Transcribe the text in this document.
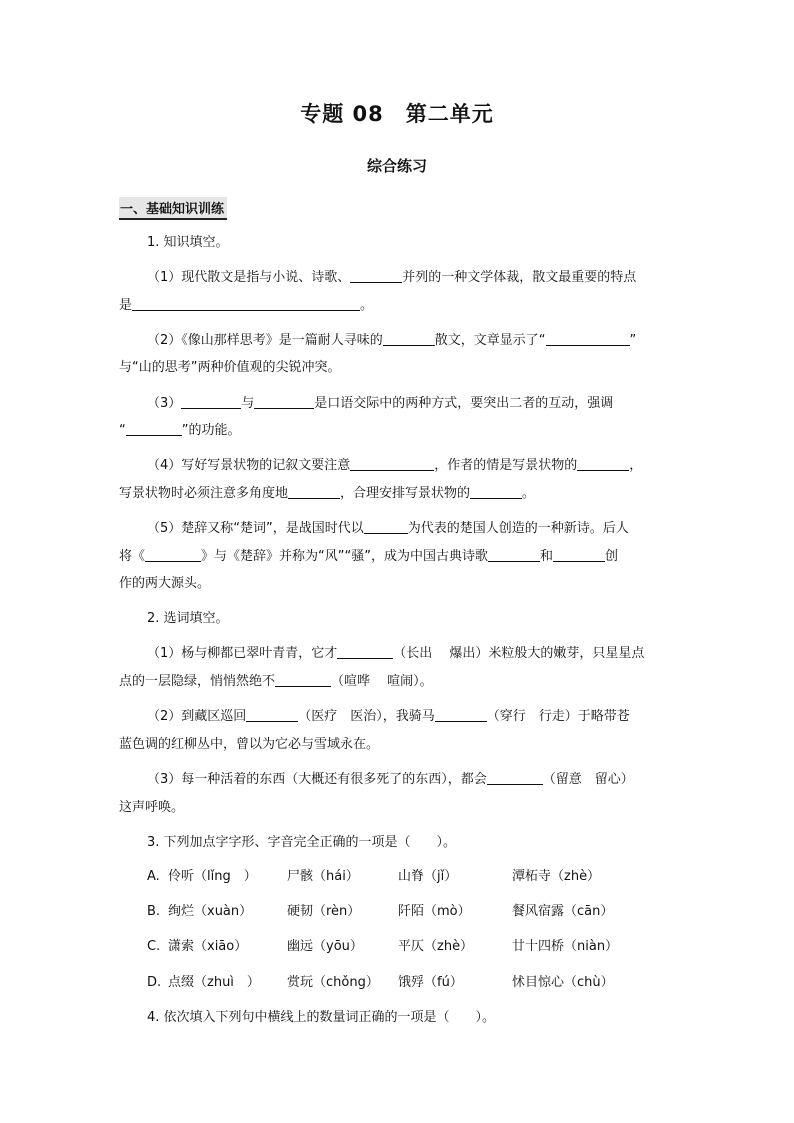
专题 08　第二单元
综合练习
一、基础知识训练
1. 知识填空。
（1）现代散文是指与小说、诗歌、	并列的一种文学体裁，散文最重要的特点
是	。
（2）《像山那样思考》是一篇耐人寻味的	散文，文章显示了“	”
与“山的思考”两种价值观的尖锐冲突。
（3）	与	是口语交际中的两种方式，要突出二者的互动，强调
“	”的功能。
（4）写好写景状物的记叙文要注意	，作者的情是写景状物的	，
写景状物时必须注意多角度地	，合理安排写景状物的	。
（5）楚辞又称“楚词”，是战国时代以	为代表的楚国人创造的一种新诗。后人
将《	》与《楚辞》并称为“风”“骚”，成为中国古典诗歌	和	创
作的两大源头。
2. 选词填空。
（1）杨与柳都已翠叶青青，它才	（长出　 爆出）米粒般大的嫩芽，只星星点
点的一层隐绿，悄悄然绝不	（喧哗　 喧闹）。
（2）到藏区巡回	（医疗　医治），我骑马	（穿行　行走）于略带苍
蓝色调的红柳丛中，曾以为它必与雪域永在。
（3）每一种活着的东西（大概还有很多死了的东西），都会	（留意　留心）
这声呼唤。
3. 下列加点字字形、字音完全正确的一项是（　　）。
A. 伶听（lǐng　） 尸骸（hái）	山脊（jǐ）	潭柘寺（zhè）
B. 绚烂（xuàn）	硬韧（rèn）	阡陌（mò）	餐风宿露（cān）
C. 潇索（xiāo）	幽远（yōu）	平仄（zhè）	廿十四桥（niàn）
D. 点缀（zhuì　） 赏玩（chǒng） 饿殍（fú）	怵目惊心（chù）
4. 依次填入下列句中横线上的数量词正确的一项是（　　）。
